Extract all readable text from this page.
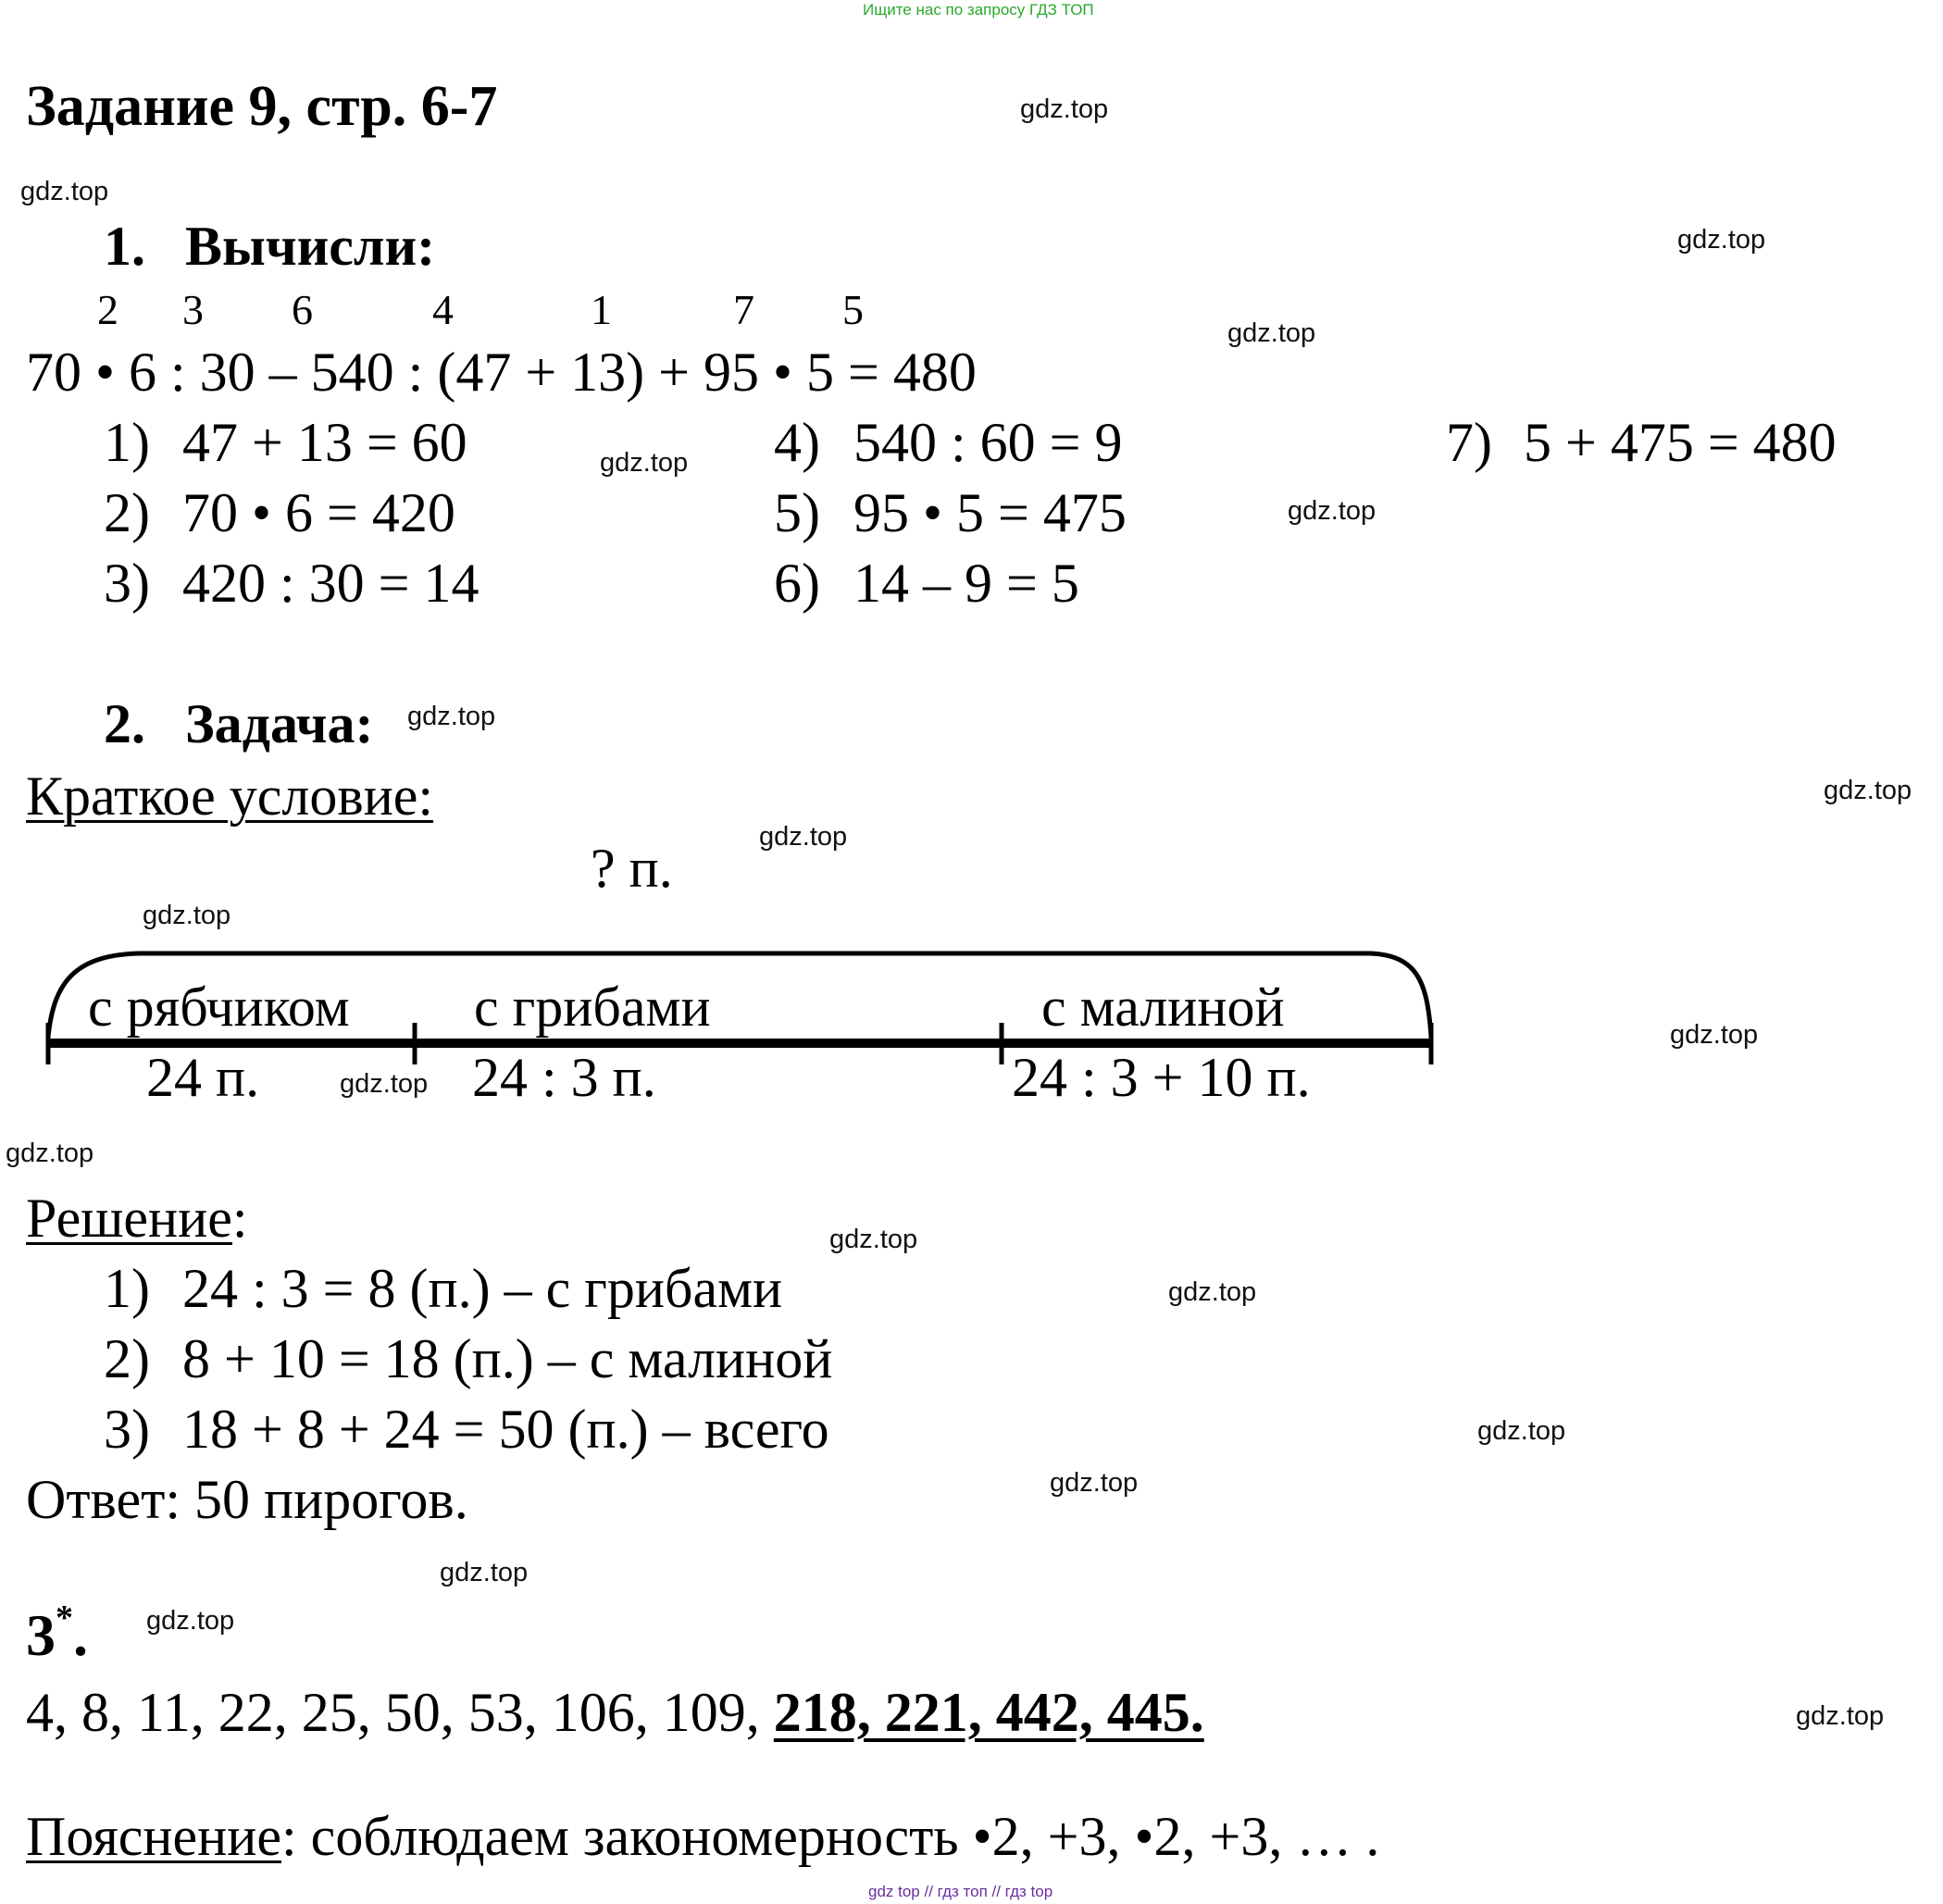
Ищите нас по запросу ГДЗ ТОП
Задание 9, стр. 6-7
1. Вычисли:
2 3 6	4	1	7 5
70 • 6 : 30 – 540 : (47 + 13) + 95 • 5 = 480
1) 47 + 13 = 60
2) 70 • 6 = 420
3) 420 : 30 = 14
4) 540 : 60 = 9
5) 95 • 5 = 475
6) 14 – 9 = 5
7) 5 + 475 = 480
2. Задача:
Краткое условие:
? п.
с рябчиком с грибами	с малиной
24 п.	24 : 3 п.	24 : 3 + 10 п.
Решение:
1) 24 : 3 = 8 (п.) – с грибами
2) 8 + 10 = 18 (п.) – с малиной
3) 18 + 8 + 24 = 50 (п.) – всего
Ответ: 50 пирогов.
3*.
4, 8, 11, 22, 25, 50, 53, 106, 109, 218, 221, 442, 445.
Пояснение: соблюдаем закономерность •2, +3, •2, +3, … .
gdz.top
gdz.top
gdz.top
gdz.top
gdz.top
gdz.top
gdz.top
gdz.top
gdz.top
gdz.top
gdz.top
gdz.top
gdz.top
gdz.top
gdz.top
gdz.top
gdz.top
gdz.top
gdz.top
gdz.top
gdz top // гдз топ // гдз top
